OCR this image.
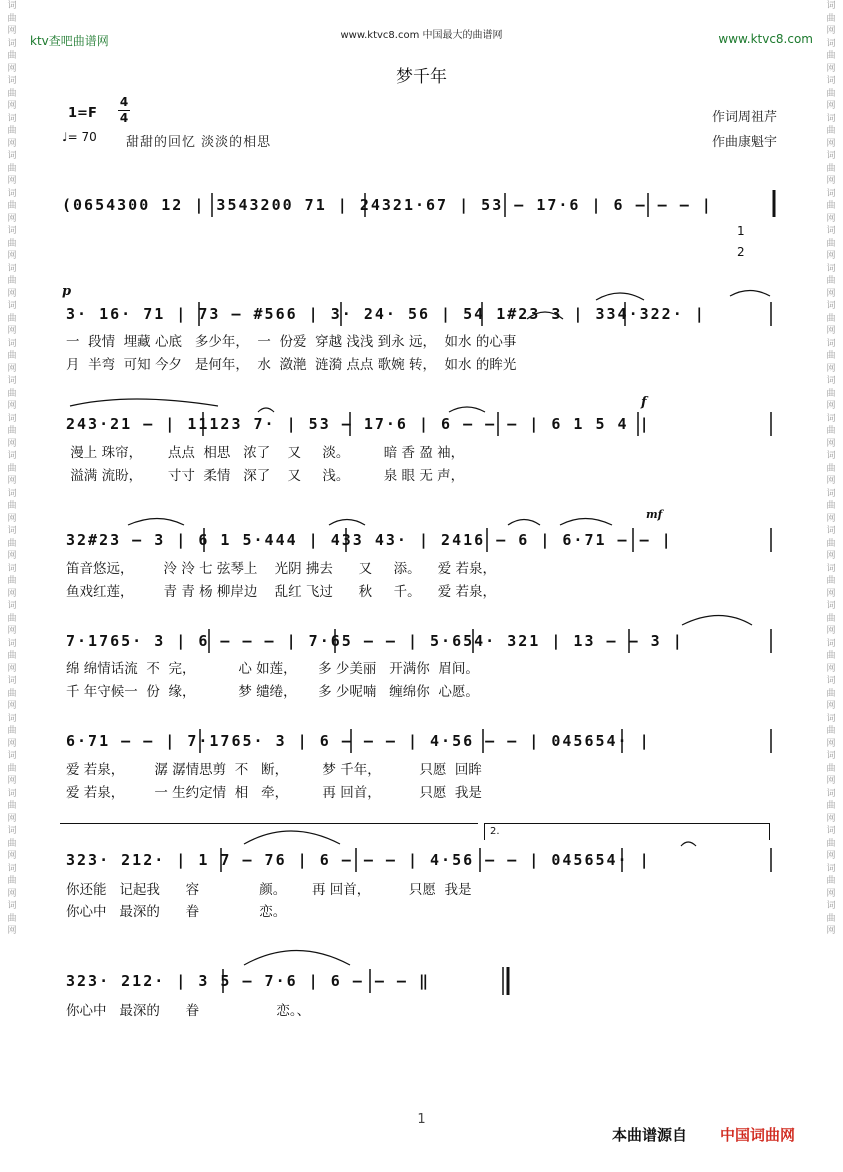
词
曲
网
词
曲
网
词
曲
网
词
曲
网
词
曲
网
词
曲
网
词
曲
网
词
曲
网
词
曲
网
词
曲
网
词
曲
网
词
曲
网
词
曲
网
词
曲
网
词
曲
网
词
曲
网
词
曲
网
词
曲
网
词
曲
网
词
曲
网
词
曲
网
词
曲
网
词
曲
网
词
曲
网
词
曲
网
词
曲
网
词
曲
网
词
曲
网
词
曲
网
词
曲
网
词
曲
网
词
曲
网
词
曲
网
词
曲
网
词
曲
网
词
曲
网
词
曲
网
词
曲
网
词
曲
网
词
曲
网
词
曲
网
词
曲
网
词
曲
网
词
曲
网
词
曲
网
词
曲
网
词
曲
网
词
曲
网
词
曲
网
词
曲
网
ktv查吧曲谱网	www.ktvc8.com 中国最大的曲谱网	www.ktvc8.com
梦千年
1=F
4
4
♩= 70 甜甜的回忆 淡淡的相思
作词周祖芹
作曲康魁宇
(0654300 12 | 3543200 71 | 24321·67 | 53 – 17·6 | 6 – – – |
1
2
p
3· 16· 71 | 73 – #566 | 3· 24· 56 | 54 1#23 3 | 334·322· |
一  段情  埋藏 心底   多少年，  一  份爱  穿越 浅浅 到永 远，  如水 的心事
月  半弯  可知 今夕   是何年，  水  潋滟  涟漪 点点 歌婉 转，  如水 的眸光
f
243·21 – | 11123 7· | 53 – 17·6 | 6 – – – | 6 1 5 4 |
漫上 珠帘，      点点  相思   浓了    又     淡。        暗 香 盈 袖，
溢满 流盼，      寸寸  柔情   深了    又     浅。        泉 眼 无 声，
mf
32#23 – 3 | 6 1 5·444 | 433 43· | 2416 – 6 | 6·71 – – |
笛音悠远，       泠 泠 七 弦琴上    光阴 拂去      又     添。    爱 若泉，
鱼戏红莲，       青 青 杨 柳岸边    乱红 飞过      秋     千。    爱 若泉，
7·1765· 3 | 6 – – – | 7·65 – – | 5·654· 321 | 13 – – 3 |
绵 绵情话流  不  完，          心 如莲，     多 少美丽   开满你  眉间。
千 年守候一  份  缘，          梦 缱绻，     多 少呢喃   缠绵你  心愿。
6·71 – – | 7·1765· 3 | 6 – – – | 4·56 – – | 045654· |
爱 若泉，       潺 潺情思剪  不   断，        梦 千年，         只愿  回眸
爱 若泉，       一 生约定情  相   牵，        再 回首，         只愿  我是
2.
323· 212· | 1 7 – 76 | 6 – – – | 4·56 – – | 045654· |
你还能   记起我      容              颜。      再 回首，         只愿  我是
你心中   最深的      眷              恋。
323· 212· | 3 5 – 7·6 | 6 – – – ‖
你心中   最深的      眷                  恋。、
1
本曲谱源自 中国词曲网
